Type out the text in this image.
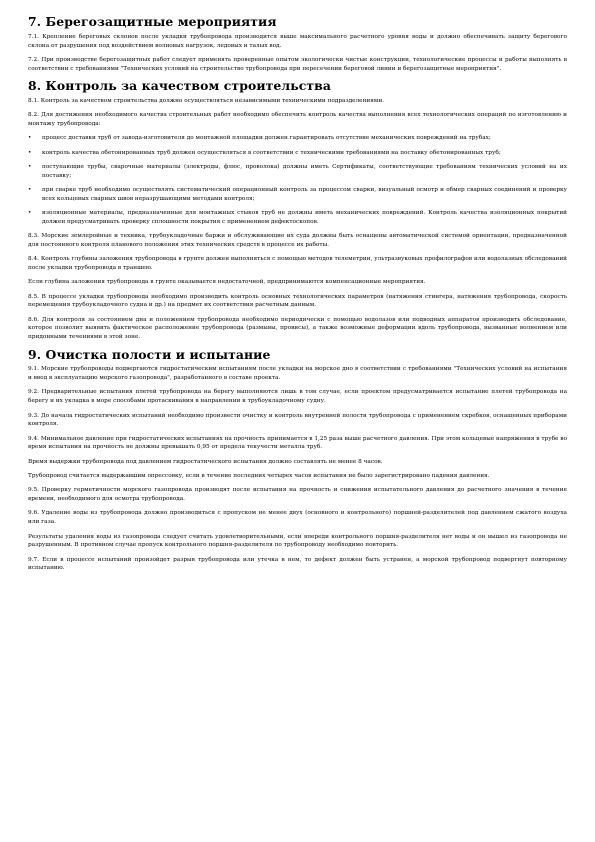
7. Берегозащитные мероприятия

7.1. Крепление береговых склонов после укладки трубопровода производится выше максимального расчетного уровня воды и должно обеспечивать защиту берегового склона от разрушения под воздействием волновых нагрузок, ледовых и талых вод.

7.2. При производстве берегозащитных работ следует применять проверенные опытом экологически чистые конструкции, технологические процессы и работы выполнять в соответствии с требованиями "Технических условий на строительство трубопровода при пересечении береговой линии и берегозащитные мероприятия".

8. Контроль за качеством строительства

8.1. Контроль за качеством строительства должно осуществляться независимыми техническими подразделениями.

8.2. Для достижения необходимого качества строительных работ необходимо обеспечить контроль качества выполнения всех технологических операций по изготовлению и монтажу трубопровода:

• процесс доставки труб от завода-изготовителя до монтажной площадки должен гарантировать отсутствие механических повреждений на трубах;

• контроль качества обетонированных труб должен осуществляться в соответствии с техническими требованиями на поставку обетонированных труб;

• поступающие трубы, сварочные материалы (электроды, флюс, проволока) должны иметь Сертификаты, соответствующие требованиям технических условий на их поставку;

• при сварке труб необходимо осуществлять систематический операционный контроль за процессом сварки, визуальный осмотр и обмер сварных соединений и проверку всех кольцевых сварных швов неразрушающими методами контроля;

• изоляционные материалы, предназначенные для монтажных стыков труб не должны иметь механических повреждений. Контроль качества изоляционных покрытий должен предусматривать проверку сплошности покрытия с применением дефектоскопов.

8.3. Морские землеройные и техника, трубоукладочные баржи и обслуживающие их суда должны быть оснащены автоматической системой ориентации, предназначенной для постоянного контроля планового положения этих технических средств в процессе их работы.

8.4. Контроль глубины заложения трубопровода в грунте должен выполняться с помощью методов телеметрии, ультразвуковых профилографов или водолазных обследований после укладки трубопровода в траншею.

Если глубина заложения трубопровода в грунте оказывается недостаточной, предпринимаются компенсационные мероприятия.

8.5. В процессе укладки трубопровода необходимо производить контроль основных технологических параметров (натяжения стингера, натяжения трубопровода, скорость перемещения трубоукладочного судна и др.) на предмет их соответствия расчетным данным.

8.6. Для контроля за состоянием дна и положением трубопровода необходимо периодически с помощью водолазов или подводных аппаратов производить обследование, которое позволит выявить фактическое расположение трубопровода (размывы, провисы), а также возможные деформации вдоль трубопровода, вызванные волнением или придонными течениями в этой зоне.

9. Очистка полости и испытание

9.1. Морские трубопроводы подвергаются гидростатическим испытаниям после укладки на морское дно в соответствии с требованиями "Технических условий на испытания и ввод в эксплуатацию морского газопровода", разработанного в составе проекта.

9.2. Предварительные испытания плетей трубопровода на берегу выполняются лишь в том случае, если проектом предусматривается испытание плетей трубопровода на берегу и их укладка в море способами протаскивания в направлении к трубоукладочному судну.

9.3. До начала гидростатических испытаний необходимо произвести очистку и контроль внутренней полости трубопровода с применением скребков, оснащенных приборами контроля.

9.4. Минимальное давление при гидростатических испытаниях на прочность принимается в 1,25 раза выше расчетного давления. При этом кольцевые напряжения в трубе во время испытания на прочность не должны превышать 0,95 от предела текучести металла труб.

Время выдержки трубопровода под давлением гидростатического испытания должно составлять не менее 8 часов.

Трубопровод считается выдержавшим опрессовку, если в течение последних четырех часов испытания не было зарегистрировано падения давления.

9.5. Проверку герметичности морского газопровода производят после испытания на прочность и снижения испытательного давления до расчетного значения в течение времени, необходимого для осмотра трубопровода.

9.6. Удаление воды из трубопровода должно производиться с пропуском не менее двух (основного и контрольного) поршней-разделителей под давлением сжатого воздуха или газа.

Результаты удаления воды из газопровода следует считать удовлетворительными, если впереди контрольного поршня-разделителя нет воды и он вышел из газопровода не разрушенным. В противном случае пропуск контрольного поршня-разделителя по трубопроводу необходимо повторить.

9.7. Если в процессе испытаний произойдет разрыв трубопровода или утечка в нем, то дефект должен быть устранен, а морской трубопровод подвергнут повторному испытанию.
